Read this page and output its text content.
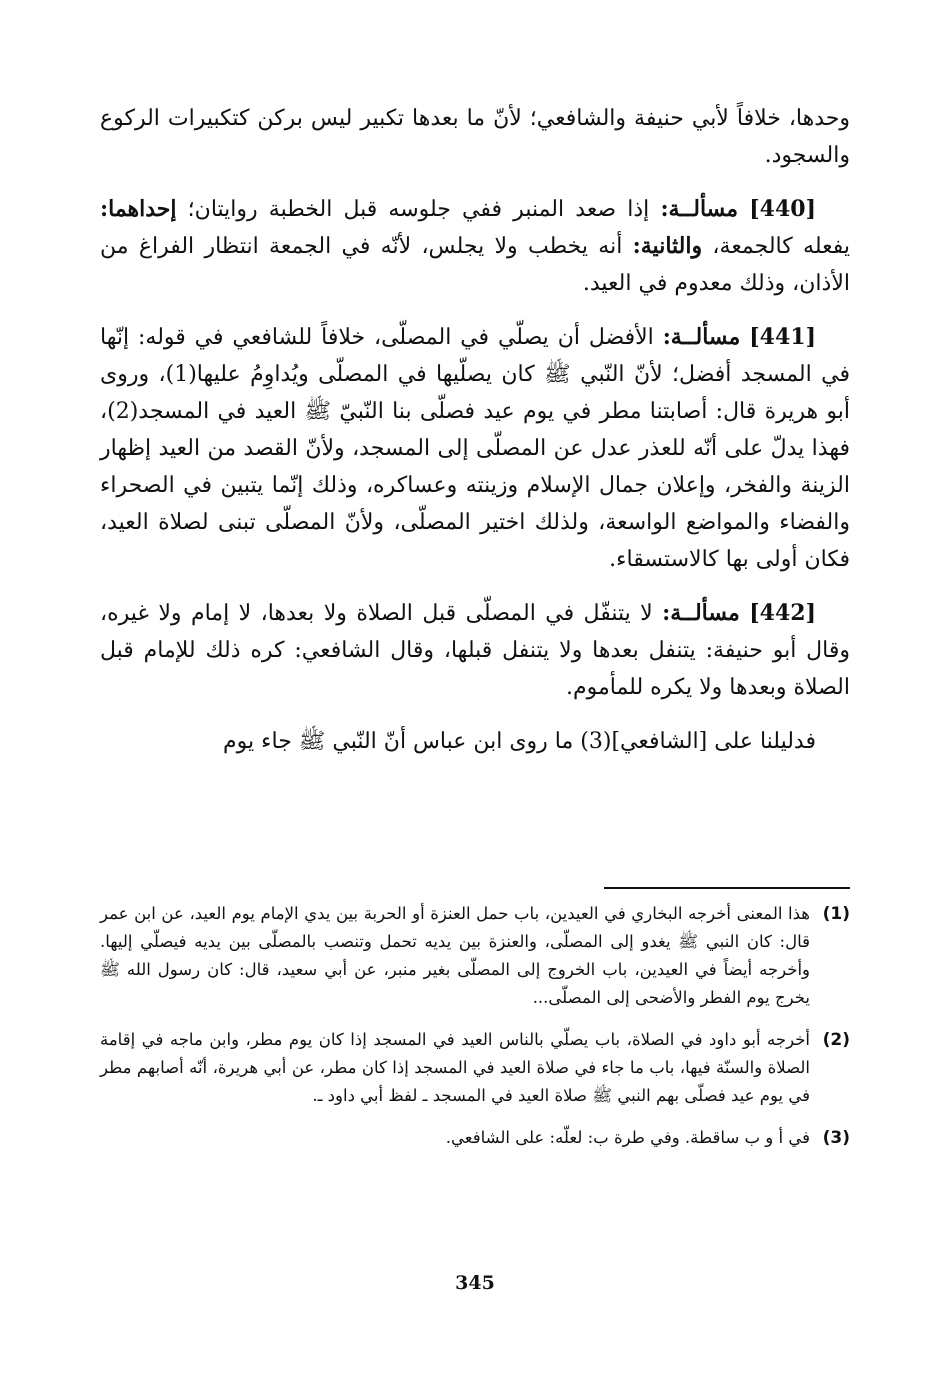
وحدها، خلافاً لأبي حنيفة والشافعي؛ لأنّ ما بعدها تكبير ليس بركن كتكبيرات الركوع والسجود.

[440] مسألــة: إذا صعد المنبر ففي جلوسه قبل الخطبة روايتان؛ إحداهما: يفعله كالجمعة، والثانية: أنه يخطب ولا يجلس، لأنّه في الجمعة انتظار الفراغ من الأذان، وذلك معدوم في العيد.

[441] مسألــة: الأفضل أن يصلّي في المصلّى، خلافاً للشافعي في قوله: إنّها في المسجد أفضل؛ لأنّ النّبي ﷺ كان يصلّيها في المصلّى ويُداوِمُ عليها(1)، وروى أبو هريرة قال: أصابتنا مطر في يوم عيد فصلّى بنا النّبيّ ﷺ العيد في المسجد(2)، فهذا يدلّ على أنّه للعذر عدل عن المصلّى إلى المسجد، ولأنّ القصد من العيد إظهار الزينة والفخر، وإعلان جمال الإسلام وزينته وعساكره، وذلك إنّما يتبين في الصحراء والفضاء والمواضع الواسعة، ولذلك اختير المصلّى، ولأنّ المصلّى تبنى لصلاة العيد، فكان أولى بها كالاستسقاء.

[442] مسألــة: لا يتنفّل في المصلّى قبل الصلاة ولا بعدها، لا إمام ولا غيره، وقال أبو حنيفة: يتنفل بعدها ولا يتنفل قبلها، وقال الشافعي: كره ذلك للإمام قبل الصلاة وبعدها ولا يكره للمأموم.

فدليلنا على [الشافعي](3) ما روى ابن عباس أنّ النّبي ﷺ جاء يوم

(1)
هذا المعنى أخرجه البخاري في العيدين، باب حمل العنزة أو الحربة بين يدي الإمام يوم العيد، عن ابن عمر قال: كان النبي ﷺ يغدو إلى المصلّى، والعنزة بين يديه تحمل وتنصب بالمصلّى بين يديه فيصلّي إليها. وأخرجه أيضاً في العيدين، باب الخروج إلى المصلّى بغير منبر، عن أبي سعيد، قال: كان رسول الله ﷺ يخرج يوم الفطر والأضحى إلى المصلّى...
(2)
أخرجه أبو داود في الصلاة، باب يصلّي بالناس العيد في المسجد إذا كان يوم مطر، وابن ماجه في إقامة الصلاة والسنّة فيها، باب ما جاء في صلاة العيد في المسجد إذا كان مطر، عن أبي هريرة، أنّه أصابهم مطر في يوم عيد فصلّى بهم النبي ﷺ صلاة العيد في المسجد ـ لفظ أبي داود ـ.
(3)
في أ و ب ساقطة. وفي طرة ب: لعلّه: على الشافعي.
345
